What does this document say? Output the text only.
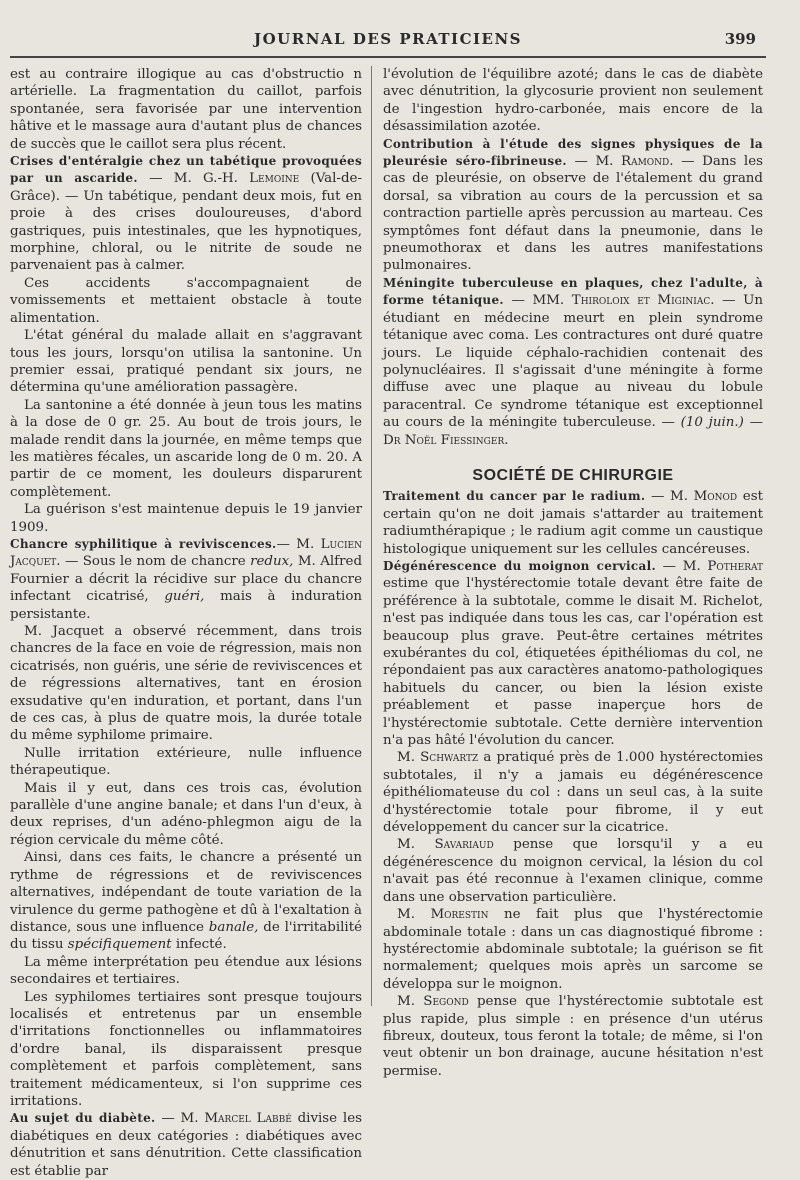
JOURNAL DES PRATICIENS	399

est au contraire illogique au cas d'obstructio n artérielle. La fragmentation du caillot, parfois spontanée, sera favorisée par une intervention hâtive et le massage aura d'autant plus de chances de succès que le caillot sera plus récent.

Crises d'entéralgie chez un tabétique provoquées par un ascaride. — M. G.-H. Lemoine (Val-de-Grâce). — Un tabétique, pendant deux mois, fut en proie à des crises douloureuses, d'abord gastriques, puis intestinales, que les hypnotiques, morphine, chloral, ou le nitrite de soude ne parvenaient pas à calmer.

Ces accidents s'accompagnaient de vomissements et mettaient obstacle à toute alimentation.

L'état général du malade allait en s'aggravant tous les jours, lorsqu'on utilisa la santonine. Un premier essai, pratiqué pendant six jours, ne détermina qu'une amélioration passagère.

La santonine a été donnée à jeun tous les matins à la dose de 0 gr. 25. Au bout de trois jours, le malade rendit dans la journée, en même temps que les matières fécales, un ascaride long de 0 m. 20. A partir de ce moment, les douleurs disparurent complètement.

La guérison s'est maintenue depuis le 19 janvier 1909.

Chancre syphilitique à reviviscences.— M. Lucien Jacquet. — Sous le nom de chancre redux, M. Alfred Fournier a décrit la récidive sur place du chancre infectant cicatrisé, guéri, mais à induration persistante.

M. Jacquet a observé récemment, dans trois chancres de la face en voie de régression, mais non cicatrisés, non guéris, une série de reviviscences et de régressions alternatives, tant en érosion exsudative qu'en induration, et portant, dans l'un de ces cas, à plus de quatre mois, la durée totale du même syphilome primaire.

Nulle irritation extérieure, nulle influence thérapeutique.

Mais il y eut, dans ces trois cas, évolution parallèle d'une angine banale; et dans l'un d'eux, à deux reprises, d'un adéno-phlegmon aigu de la région cervicale du même côté.

Ainsi, dans ces faits, le chancre a présenté un rythme de régressions et de reviviscences alternatives, indépendant de toute variation de la virulence du germe pathogène et dû à l'exaltation à distance, sous une influence banale, de l'irritabilité du tissu spécifiquement infecté.

La même interprétation peu étendue aux lésions secondaires et tertiaires.

Les syphilomes tertiaires sont presque toujours localisés et entretenus par un ensemble d'irritations fonctionnelles ou inflammatoires d'ordre banal, ils disparaissent presque complètement et parfois complètement, sans traitement médicamenteux, si l'on supprime ces irritations.

Au sujet du diabète. — M. Marcel Labbé divise les diabétiques en deux catégories : diabétiques avec dénutrition et sans dénutrition. Cette classification est établie par

l'évolution de l'équilibre azoté; dans le cas de diabète avec dénutrition, la glycosurie provient non seulement de l'ingestion hydro-carbonée, mais encore de la désassimilation azotée.

Contribution à l'étude des signes physiques de la pleurésie séro-fibrineuse. — M. Ramond. — Dans les cas de pleurésie, on observe de l'étalement du grand dorsal, sa vibration au cours de la percussion et sa contraction partielle après percussion au marteau. Ces symptômes font défaut dans la pneumonie, dans le pneumothorax et dans les autres manifestations pulmonaires.

Méningite tuberculeuse en plaques, chez l'adulte, à forme tétanique. — MM. Thiroloix et Miginiac. — Un étudiant en médecine meurt en plein syndrome tétanique avec coma. Les contractures ont duré quatre jours. Le liquide céphalo-rachidien contenait des polynucléaires. Il s'agissait d'une méningite à forme diffuse avec une plaque au niveau du lobule paracentral. Ce syndrome tétanique est exceptionnel au cours de la méningite tuberculeuse. — (10 juin.) — Dr Noël Fiessinger.

SOCIÉTÉ DE CHIRURGIE

Traitement du cancer par le radium. — M. Monod est certain qu'on ne doit jamais s'attarder au traitement radiumthérapique ; le radium agit comme un caustique histologique uniquement sur les cellules cancéreuses.

Dégénérescence du moignon cervical. — M. Potherat estime que l'hystérectomie totale devant être faite de préférence à la subtotale, comme le disait M. Richelot, n'est pas indiquée dans tous les cas, car l'opération est beaucoup plus grave. Peut-être certaines métrites exubérantes du col, étiquetées épithéliomas du col, ne répondaient pas aux caractères anatomo-pathologiques habituels du cancer, ou bien la lésion existe préablement et passe inaperçue hors de l'hystérectomie subtotale. Cette dernière intervention n'a pas hâté l'évolution du cancer.

M. Schwartz a pratiqué près de 1.000 hystérectomies subtotales, il n'y a jamais eu dégénérescence épithéliomateuse du col : dans un seul cas, à la suite d'hystérectomie totale pour fibrome, il y eut développement du cancer sur la cicatrice.

M. Savariaud pense que lorsqu'il y a eu dégénérescence du moignon cervical, la lésion du col n'avait pas été reconnue à l'examen clinique, comme dans une observation particulière.

M. Morestin ne fait plus que l'hystérectomie abdominale totale : dans un cas diagnostiqué fibrome : hystérectomie abdominale subtotale; la guérison se fit normalement; quelques mois après un sarcome se développa sur le moignon.

M. Segond pense que l'hystérectomie subtotale est plus rapide, plus simple : en présence d'un utérus fibreux, douteux, tous feront la totale; de même, si l'on veut obtenir un bon drainage, aucune hésitation n'est permise.
